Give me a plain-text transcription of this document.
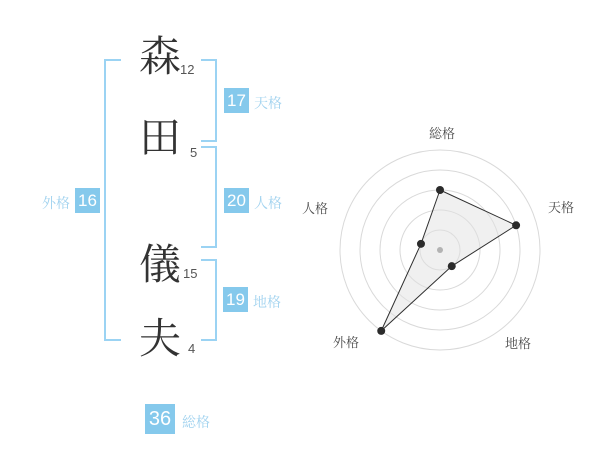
森 12
田 5
儀 15
夫 4
17 天格
20 人格
19 地格
外格 16
36 総格
総格
天格
地格
外格
人格
